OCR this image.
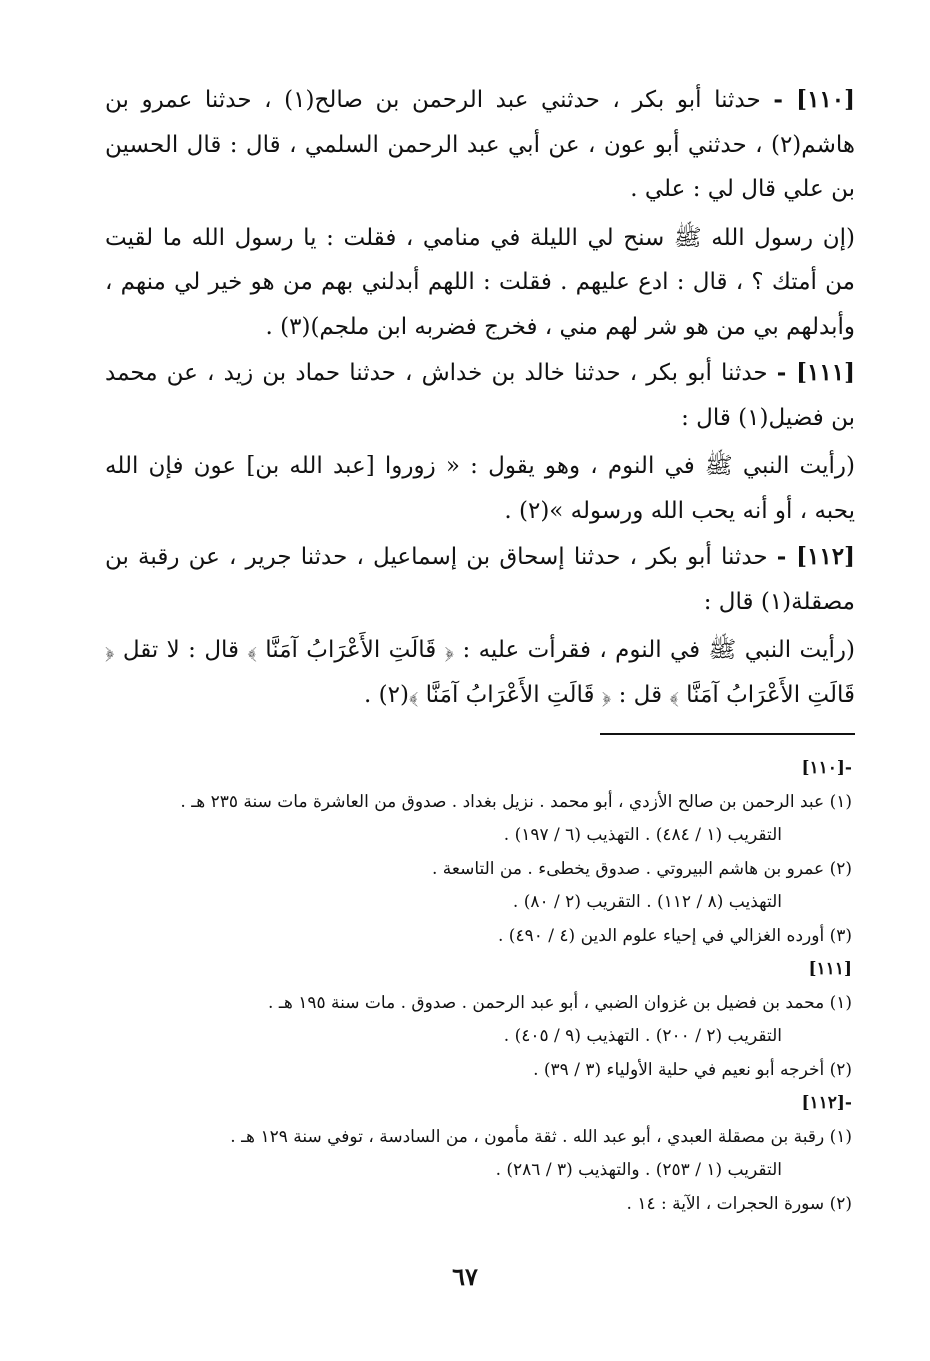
[١١٠] - حدثنا أبو بكر ، حدثني عبد الرحمن بن صالح(١) ، حدثنا عمرو بن هاشم(٢) ، حدثني أبو عون ، عن أبي عبد الرحمن السلمي ، قال : قال الحسين بن علي قال لي : علي .

(إن رسول الله ﷺ سنح لي الليلة في منامي ، فقلت : يا رسول الله ما لقيت من أمتك ؟ ، قال : ادع عليهم . فقلت : اللهم أبدلني بهم من هو خير لي منهم ، وأبدلهم بي من هو شر لهم مني ، فخرج فضربه ابن ملجم)(٣) .

[١١١] - حدثنا أبو بكر ، حدثنا خالد بن خداش ، حدثنا حماد بن زيد ، عن محمد بن فضيل(١) قال :

(رأيت النبي ﷺ في النوم ، وهو يقول : « زوروا [عبد الله بن] عون فإن الله يحبه ، أو أنه يحب الله ورسوله »(٢) .

[١١٢] - حدثنا أبو بكر ، حدثنا إسحاق بن إسماعيل ، حدثنا جرير ، عن رقبة بن مصقلة(١) قال :

(رأيت النبي ﷺ في النوم ، فقرأت عليه : ﴿ قَالَتِ الأَعْرَابُ آمَنَّا ﴾ قال : لا تقل ﴿ قَالَتِ الأَعْرَابُ آمَنَّا ﴾ قل : ﴿ قَالَتِ الأَعْرَابُ آمَنَّا ﴾(٢) .

-[١١٠]
(١) عبد الرحمن بن صالح الأزدي ، أبو محمد . نزيل بغداد . صدوق من العاشرة مات سنة ٢٣٥ هـ .
التقريب (١ / ٤٨٤) . التهذيب (٦ / ١٩٧) .
(٢) عمرو بن هاشم البيروتي . صدوق يخطىء . من التاسعة .
التهذيب (٨ / ١١٢) . التقريب (٢ / ٨٠) .
(٣) أورده الغزالي في إحياء علوم الدين (٤ / ٤٩٠) .
[١١١]
(١) محمد بن فضيل بن غزوان الضبي ، أبو عبد الرحمن . صدوق . مات سنة ١٩٥ هـ .
التقريب (٢ / ٢٠٠) . التهذيب (٩ / ٤٠٥) .
(٢) أخرجه أبو نعيم في حلية الأولياء (٣ / ٣٩) .
-[١١٢]
(١) رقبة بن مصقلة العبدي ، أبو عبد الله . ثقة مأمون ، من السادسة ، توفي سنة ١٢٩ هـ .
التقريب (١ / ٢٥٣) . والتهذيب (٣ / ٢٨٦) .
(٢) سورة الحجرات ، الآية : ١٤ .
٦٧
